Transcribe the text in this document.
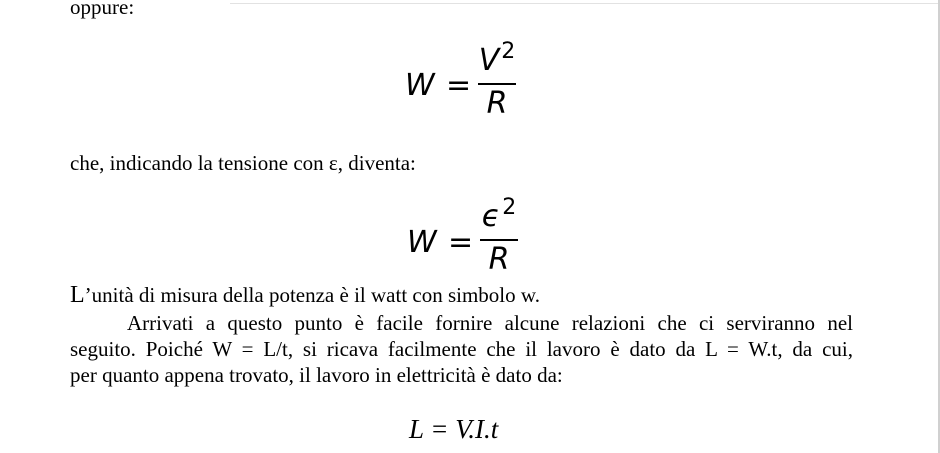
oppure:
W =
$V^2$
R
che, indicando la tensione con ε, diventa:
W =
$\epsilon^2$
R
L’unità di misura della potenza è il watt con simbolo w.
Arrivati a questo punto è facile fornire alcune relazioni che ci serviranno nel
seguito. Poiché W = L/t, si ricava facilmente che il lavoro è dato da L = W.t, da cui,
per quanto appena trovato, il lavoro in elettricità è dato da:
L = V.I.t
